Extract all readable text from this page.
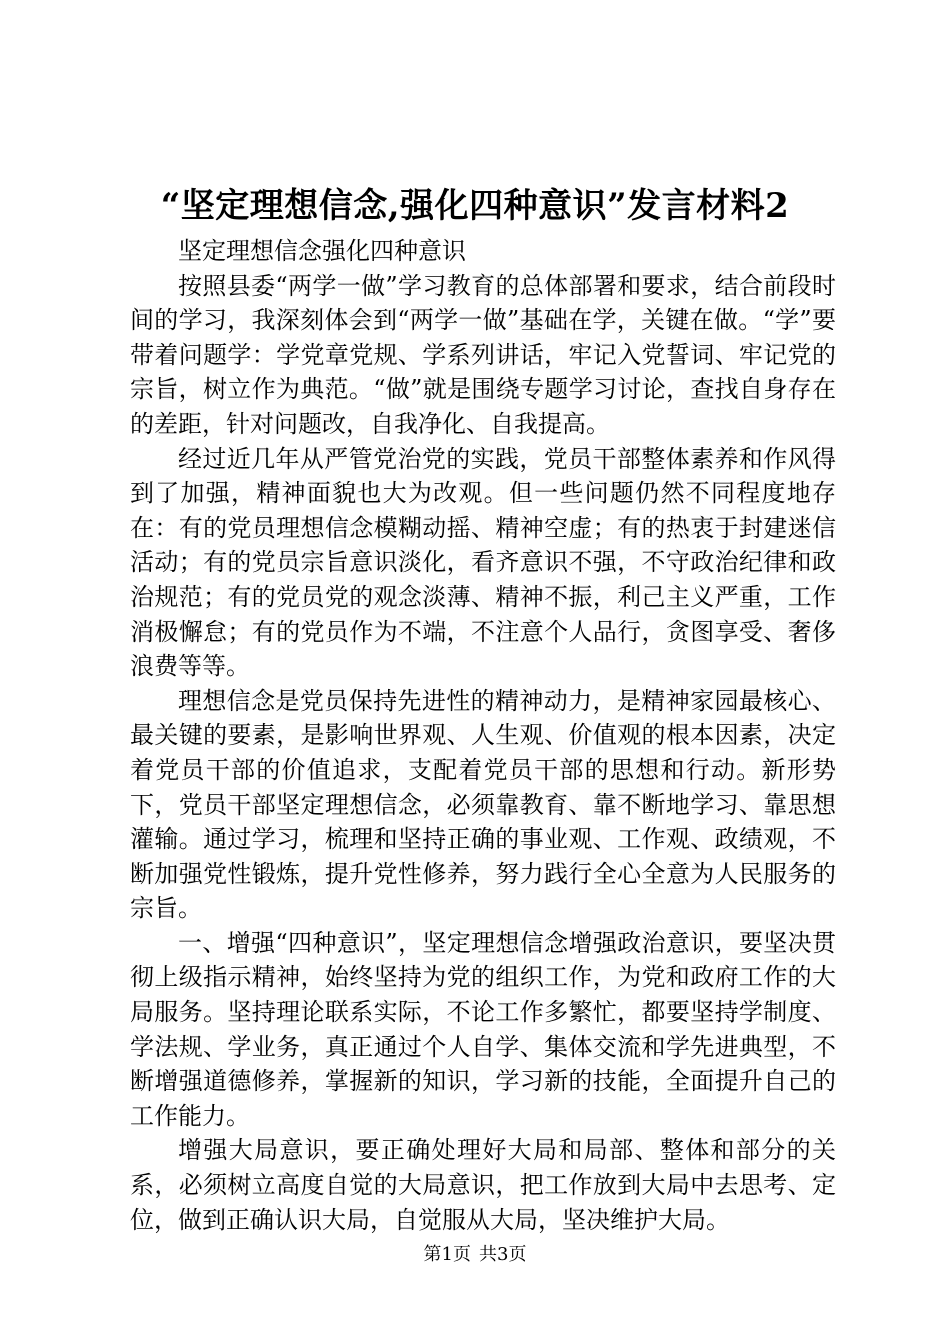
“坚定理想信念,强化四种意识”发言材料2

坚定理想信念强化四种意识

按照县委“两学一做”学习教育的总体部署和要求，结合前段时间的学习，我深刻体会到“两学一做”基础在学，关键在做。“学”要带着问题学：学党章党规、学系列讲话，牢记入党誓词、牢记党的宗旨，树立作为典范。“做”就是围绕专题学习讨论，查找自身存在的差距，针对问题改，自我净化、自我提高。

经过近几年从严管党治党的实践，党员干部整体素养和作风得到了加强，精神面貌也大为改观。但一些问题仍然不同程度地存在：有的党员理想信念模糊动摇、精神空虚；有的热衷于封建迷信活动；有的党员宗旨意识淡化，看齐意识不强，不守政治纪律和政治规范；有的党员党的观念淡薄、精神不振，利己主义严重，工作消极懈怠；有的党员作为不端，不注意个人品行，贪图享受、奢侈浪费等等。

理想信念是党员保持先进性的精神动力，是精神家园最核心、最关键的要素，是影响世界观、人生观、价值观的根本因素，决定着党员干部的价值追求，支配着党员干部的思想和行动。新形势下，党员干部坚定理想信念，必须靠教育、靠不断地学习、靠思想灌输。通过学习，梳理和坚持正确的事业观、工作观、政绩观，不断加强党性锻炼，提升党性修养，努力践行全心全意为人民服务的宗旨。

一、增强“四种意识”，坚定理想信念增强政治意识，要坚决贯彻上级指示精神，始终坚持为党的组织工作，为党和政府工作的大局服务。坚持理论联系实际，不论工作多繁忙，都要坚持学制度、学法规、学业务，真正通过个人自学、集体交流和学先进典型，不断增强道德修养，掌握新的知识，学习新的技能，全面提升自己的工作能力。

增强大局意识，要正确处理好大局和局部、整体和部分的关系，必须树立高度自觉的大局意识，把工作放到大局中去思考、定位，做到正确认识大局，自觉服从大局，坚决维护大局。

第1页 共3页
